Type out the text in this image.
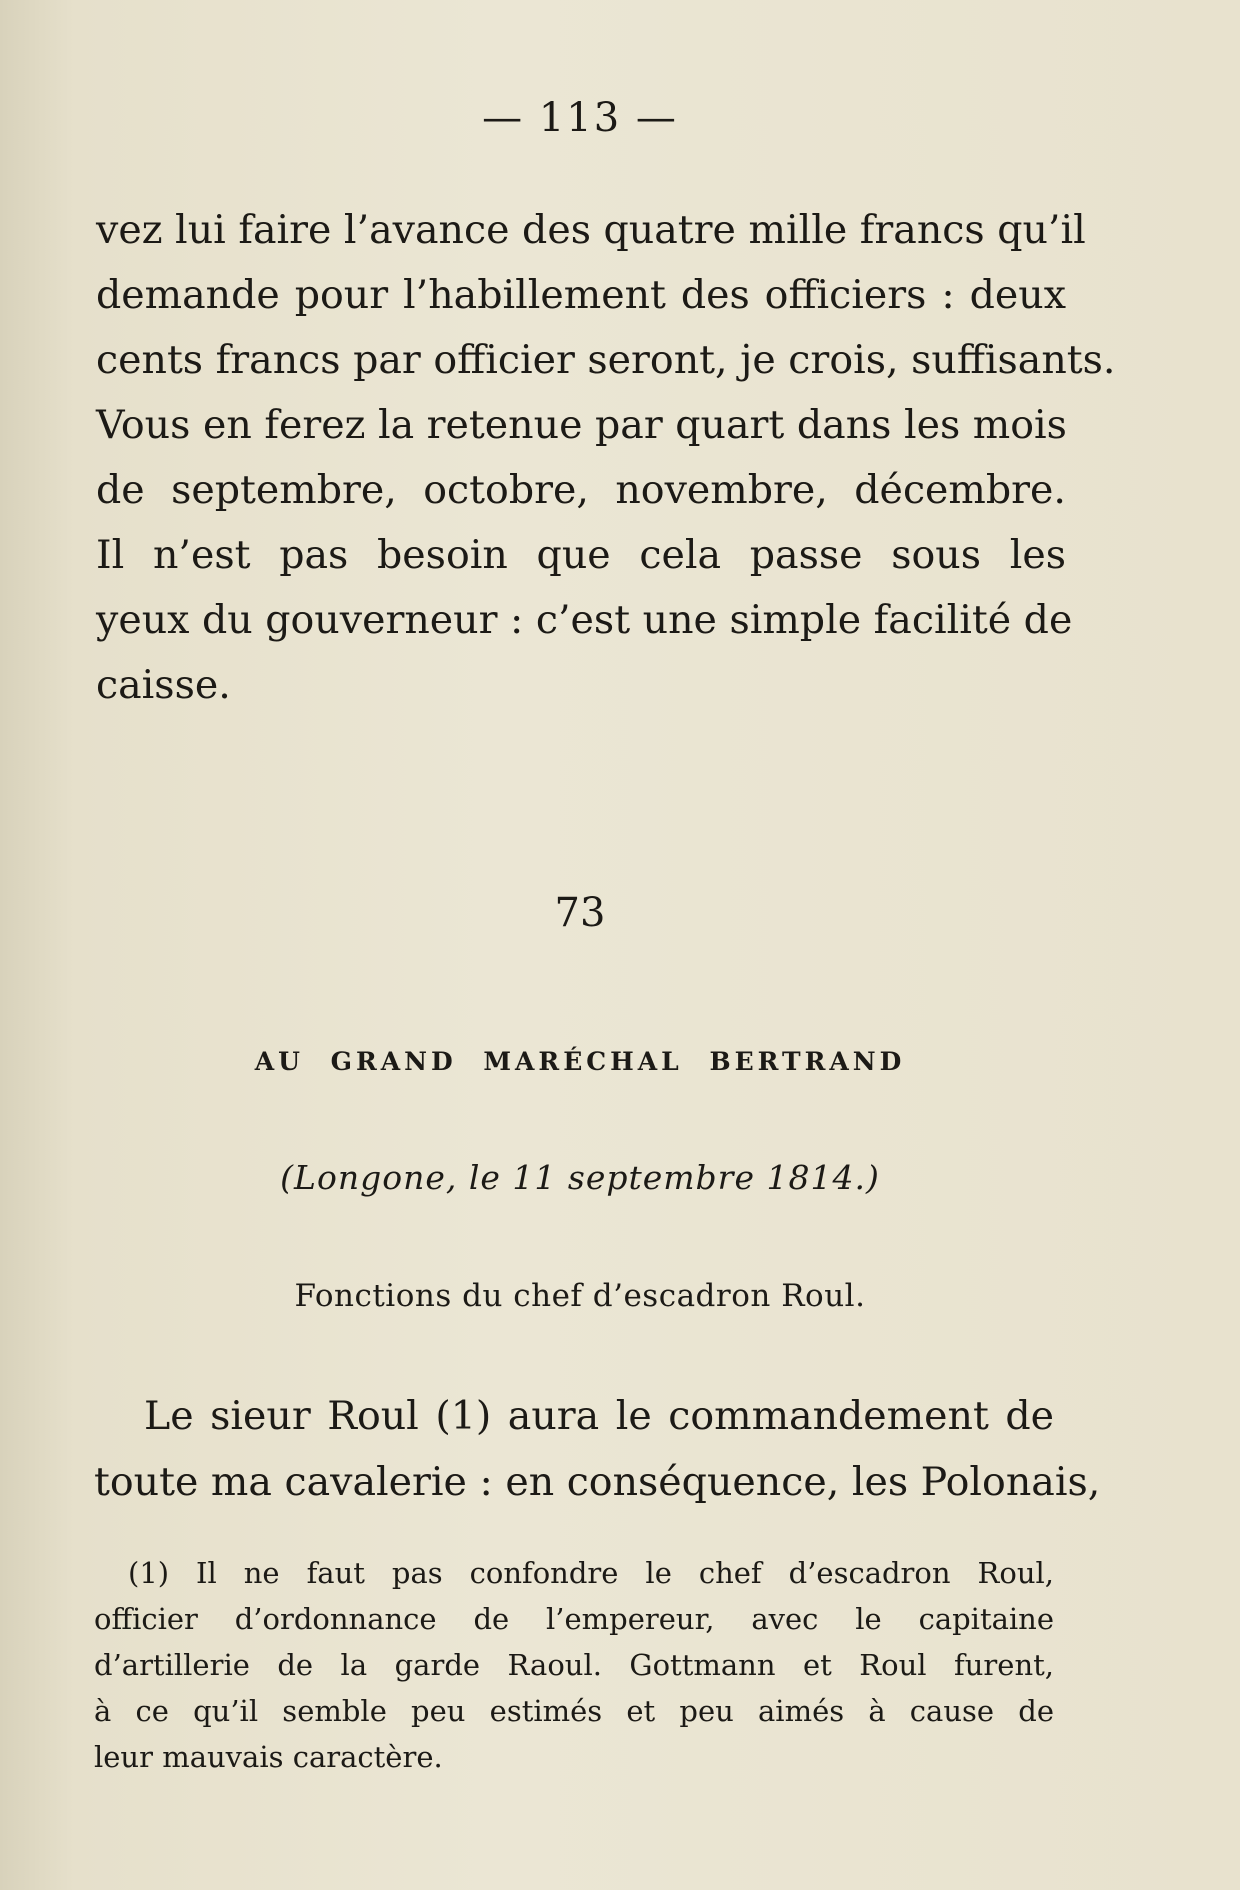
— 113 —
vez lui faire l’avance des quatre mille francs qu’il
demande pour l’habillement des officiers : deux
cents francs par officier seront, je crois, suffisants.
Vous en ferez la retenue par quart dans les mois
de septembre, octobre, novembre, décembre.
Il n’est pas besoin que cela passe sous les
yeux du gouverneur : c’est une simple facilité de
caisse.
73
AU GRAND MARÉCHAL BERTRAND
(Longone, le 11 septembre 1814.)
Fonctions du chef d’escadron Roul.
Le sieur Roul (1) aura le commandement de
toute ma cavalerie : en conséquence, les Polonais,
(1) Il ne faut pas confondre le chef d’escadron Roul,
officier d’ordonnance de l’empereur, avec le capitaine
d’artillerie de la garde Raoul. Gottmann et Roul furent,
à ce qu’il semble peu estimés et peu aimés à cause de
leur mauvais caractère.
